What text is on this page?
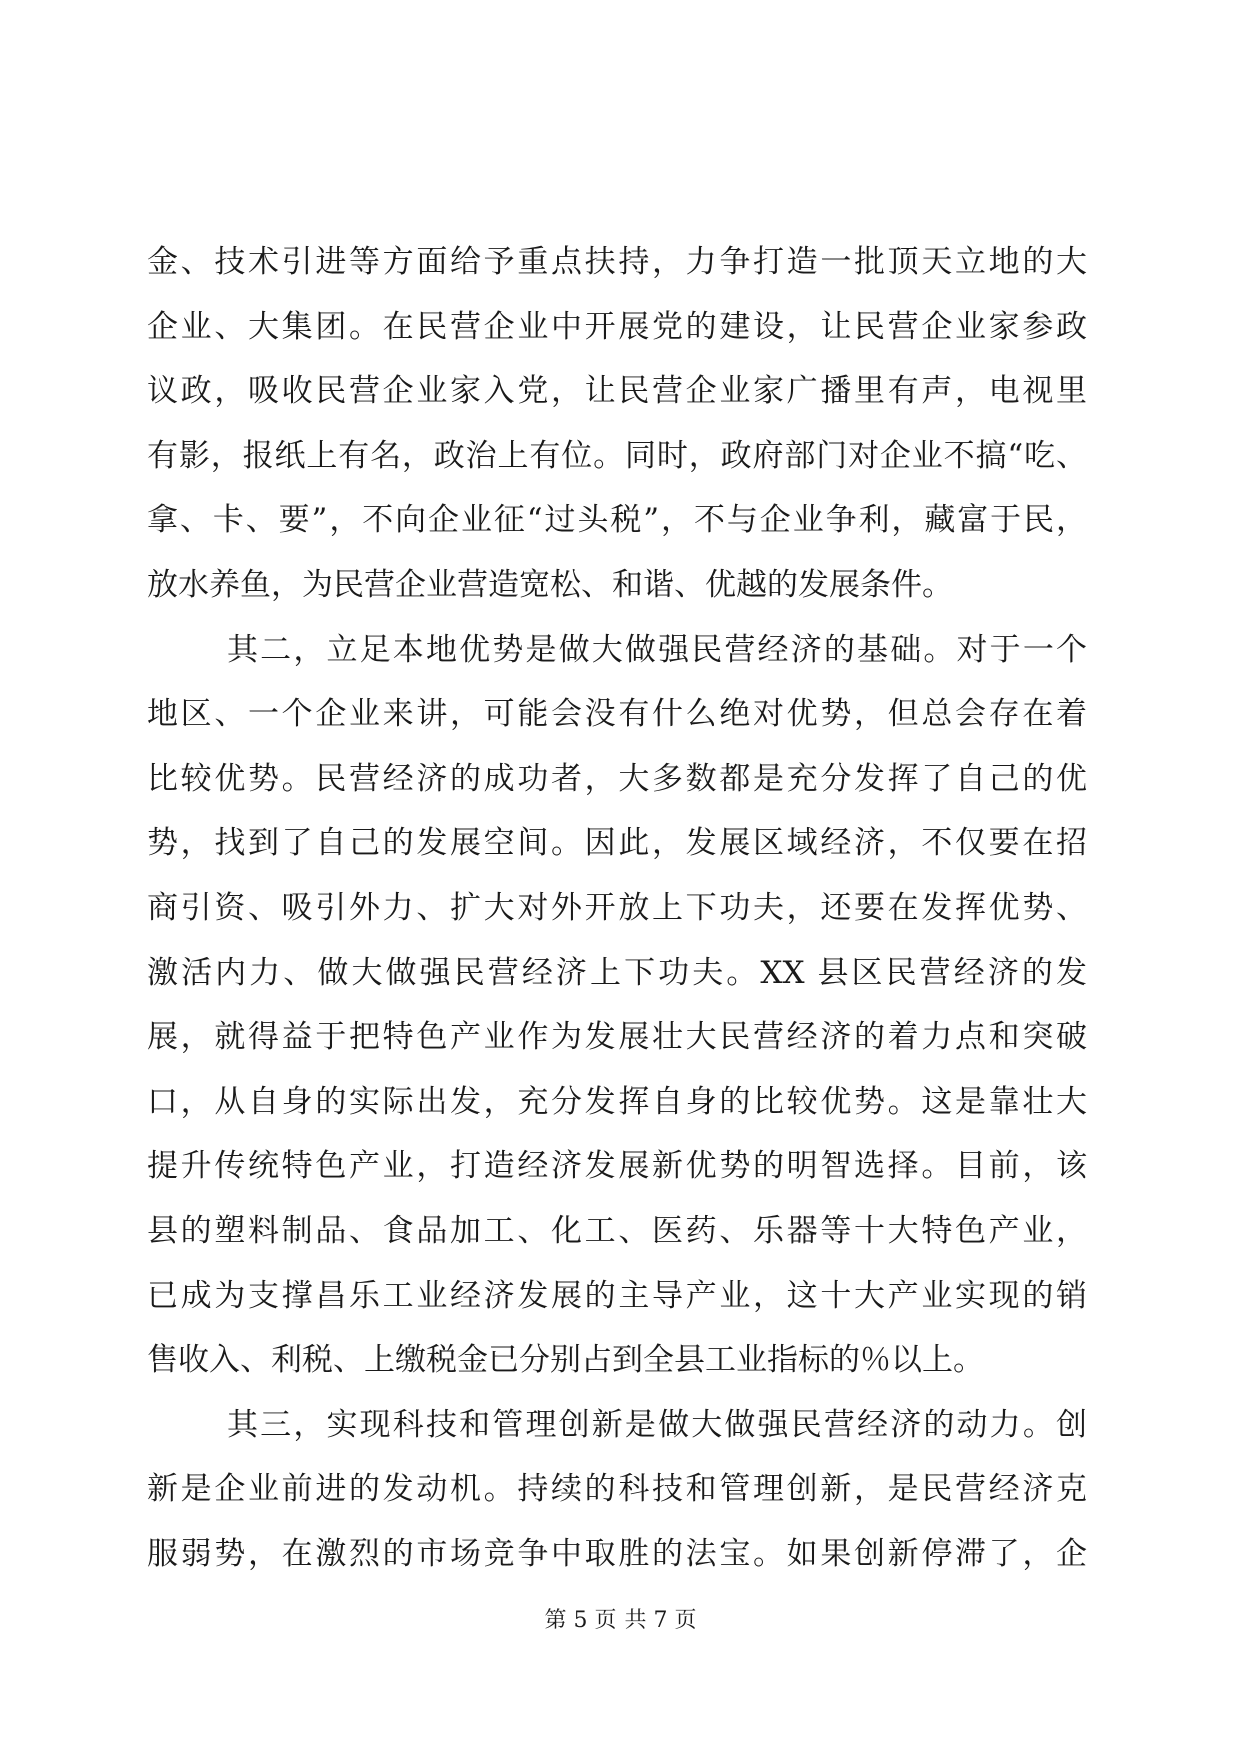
金、技术引进等方面给予重点扶持，力争打造一批顶天立地的大
企业、大集团。在民营企业中开展党的建设，让民营企业家参政
议政，吸收民营企业家入党，让民营企业家广播里有声，电视里
有影，报纸上有名，政治上有位。同时，政府部门对企业不搞“吃、
拿、卡、要”，不向企业征“过头税”，不与企业争利，藏富于民，
放水养鱼，为民营企业营造宽松、和谐、优越的发展条件。
其二，立足本地优势是做大做强民营经济的基础。对于一个
地区、一个企业来讲，可能会没有什么绝对优势，但总会存在着
比较优势。民营经济的成功者，大多数都是充分发挥了自己的优
势，找到了自己的发展空间。因此，发展区域经济，不仅要在招
商引资、吸引外力、扩大对外开放上下功夫，还要在发挥优势、
激活内力、做大做强民营经济上下功夫。XX 县区民营经济的发
展，就得益于把特色产业作为发展壮大民营经济的着力点和突破
口，从自身的实际出发，充分发挥自身的比较优势。这是靠壮大
提升传统特色产业，打造经济发展新优势的明智选择。目前，该
县的塑料制品、食品加工、化工、医药、乐器等十大特色产业，
已成为支撑昌乐工业经济发展的主导产业，这十大产业实现的销
售收入、利税、上缴税金已分别占到全县工业指标的％以上。
其三，实现科技和管理创新是做大做强民营经济的动力。创
新是企业前进的发动机。持续的科技和管理创新，是民营经济克
服弱势，在激烈的市场竞争中取胜的法宝。如果创新停滞了，企
第 5 页 共 7 页
